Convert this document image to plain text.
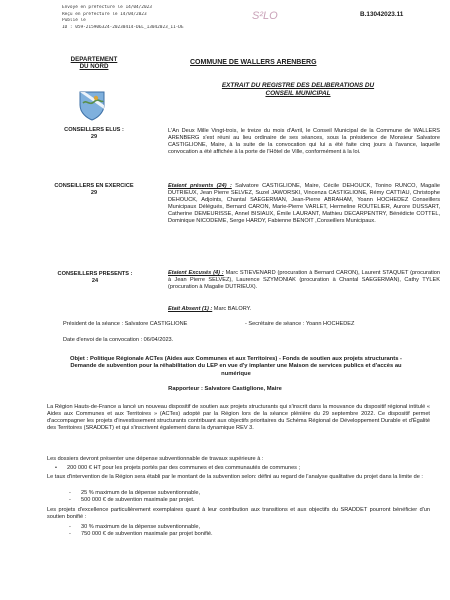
Envoyé en préfecture le 14/04/2023
Reçu en préfecture le 14/04/2023
Publié le
ID : 059-215906324-20230414-DEL_13042023_11-DE
S²LO	B.13042023.11
DEPARTEMENT
DU NORD
COMMUNE DE WALLERS ARENBERG
EXTRAIT DU REGISTRE DES DELIBERATIONS DU
CONSEIL MUNICIPAL
CONSEILLERS ELUS :
29
CONSEILLERS EN EXERCICE
29
CONSEILLERS PRESENTS :
24
L'An Deux Mille Vingt-trois, le treize du mois d'Avril, le Conseil Municipal de la Commune de WALLERS ARENBERG s'est réuni au lieu ordinaire de ses séances, sous la présidence de Monsieur Salvatore CASTIGLIONE, Maire, à la suite de la convocation qui lui a été faite cinq jours à l'avance, laquelle convocation a été affichée à la porte de l'Hôtel de Ville, conformément à la loi.
Etaient présents (24) : Salvatore CASTIGLIONE, Maire, Cécile DEHOUCK, Tonino RUNCO, Magalie DUTRIEUX, Jean Pierre SELVEZ, Suzel JAWORSKI, Vincenza CASTIGLIONE, Rémy CATTIAU, Christophe DEHOUCK, Adjoints, Chantal SAEGERMAN, Jean-Pierre ABRAHAM, Yoann HOCHEDEZ Conseillers Municipaux Délégués, Bernard CARON, Marie-Pierre VARLET, Hermeline ROUTELIER, Aurore DUSSART, Catherine DEMEURISSE, Annel BISIAUX, Émile LAURANT, Mathieu DECARPENTRY, Bénédicte COTTEL, Dominique NICODEME, Serge HARDY, Fabienne BENOIT ,Conseillers Municipaux.
Etaient Excusés (4) : Marc STIEVENARD (procuration à Bernard CARON), Laurent STAQUET (procuration à Jean Pierre SELVEZ), Laurence SZYMONIAK (procuration à Chantal SAEGERMAN), Cathy TYLEK (procuration à Magalie DUTRIEUX).
Etait Absent (1) : Marc BALORY.
Président de la séance : Salvatore CASTIGLIONE	- Secrétaire de séance : Yoann HOCHEDEZ
Date d'envoi de la convocation : 06/04/2023.
Objet : Politique Régionale ACTes (Aides aux Communes et aux Territoires) - Fonds de soutien aux projets structurants - Demande de subvention pour la réhabilitation du LEP en vue d'y implanter une Maison de services publics et d'accès au numérique
Rapporteur : Salvatore Castiglione, Maire
La Région Hauts-de-France a lancé un nouveau dispositif de soutien aux projets structurants qui s'inscrit dans la mouvance du dispositif régional intitulé « Aides aux Communes et aux Territoires » (ACTes) adopté par la Région lors de la séance plénière du 29 septembre 2022. Ce dispositif permet d'accompagner les projets d'investissement structurants contribuant aux objectifs prioritaires du Schéma Régional de Développement Durable et d'Égalité des Territoires (SRADDET) et qui s'inscrivent également dans la dynamique REV 3.
Les dossiers devront présenter une dépense subventionnable de travaux supérieure à :
• 200 000 € HT pour les projets portés par des communes et des communautés de communes ;
Le taux d'intervention de la Région sera établi par le montant de la subvention selon: défini au regard de l'analyse qualitative du projet dans la limite de :
- 25 % maximum de la dépense subventionnable,
- 500 000 € de subvention maximale par projet.
Les projets d'excellence particulièrement exemplaires quant à leur contribution aux transitions et aux objectifs du SRADDET pourront bénéficier d'un soutien bonifié :
- 30 % maximum de la dépense subventionnable,
- 750 000 € de subvention maximale par projet bonifié.
